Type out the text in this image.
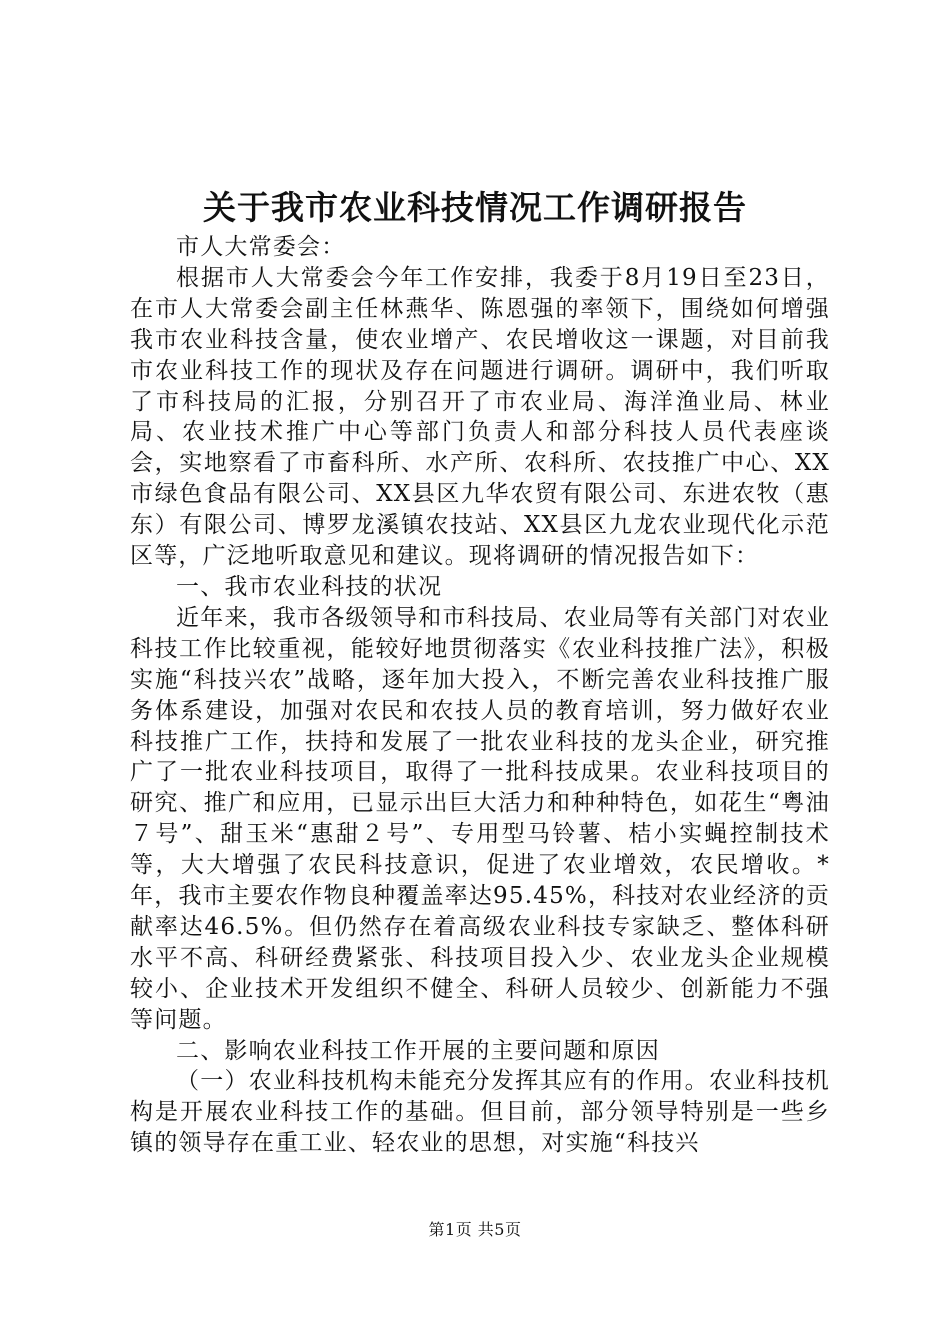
关于我市农业科技情况工作调研报告

市人大常委会：

根据市人大常委会今年工作安排，我委于8月19日至23日，在市人大常委会副主任林燕华、陈恩强的率领下，围绕如何增强我市农业科技含量，使农业增产、农民增收这一课题，对目前我市农业科技工作的现状及存在问题进行调研。调研中，我们听取了市科技局的汇报，分别召开了市农业局、海洋渔业局、林业局、农业技术推广中心等部门负责人和部分科技人员代表座谈会，实地察看了市畜科所、水产所、农科所、农技推广中心、XX市绿色食品有限公司、XX县区九华农贸有限公司、东进农牧（惠东）有限公司、博罗龙溪镇农技站、XX县区九龙农业现代化示范区等，广泛地听取意见和建议。现将调研的情况报告如下：

一、我市农业科技的状况

近年来，我市各级领导和市科技局、农业局等有关部门对农业科技工作比较重视，能较好地贯彻落实《农业科技推广法》，积极实施“科技兴农”战略，逐年加大投入，不断完善农业科技推广服务体系建设，加强对农民和农技人员的教育培训，努力做好农业科技推广工作，扶持和发展了一批农业科技的龙头企业，研究推广了一批农业科技项目，取得了一批科技成果。农业科技项目的研究、推广和应用，已显示出巨大活力和种种特色，如花生“粤油７号”、甜玉米“惠甜２号”、专用型马铃薯、桔小实蝇控制技术等，大大增强了农民科技意识，促进了农业增效，农民增收。*年，我市主要农作物良种覆盖率达95.45%，科技对农业经济的贡献率达46.5%。但仍然存在着高级农业科技专家缺乏、整体科研水平不高、科研经费紧张、科技项目投入少、农业龙头企业规模较小、企业技术开发组织不健全、科研人员较少、创新能力不强等问题。

二、影响农业科技工作开展的主要问题和原因

（一）农业科技机构未能充分发挥其应有的作用。农业科技机构是开展农业科技工作的基础。但目前，部分领导特别是一些乡镇的领导存在重工业、轻农业的思想，对实施“科技兴

第1页 共5页
